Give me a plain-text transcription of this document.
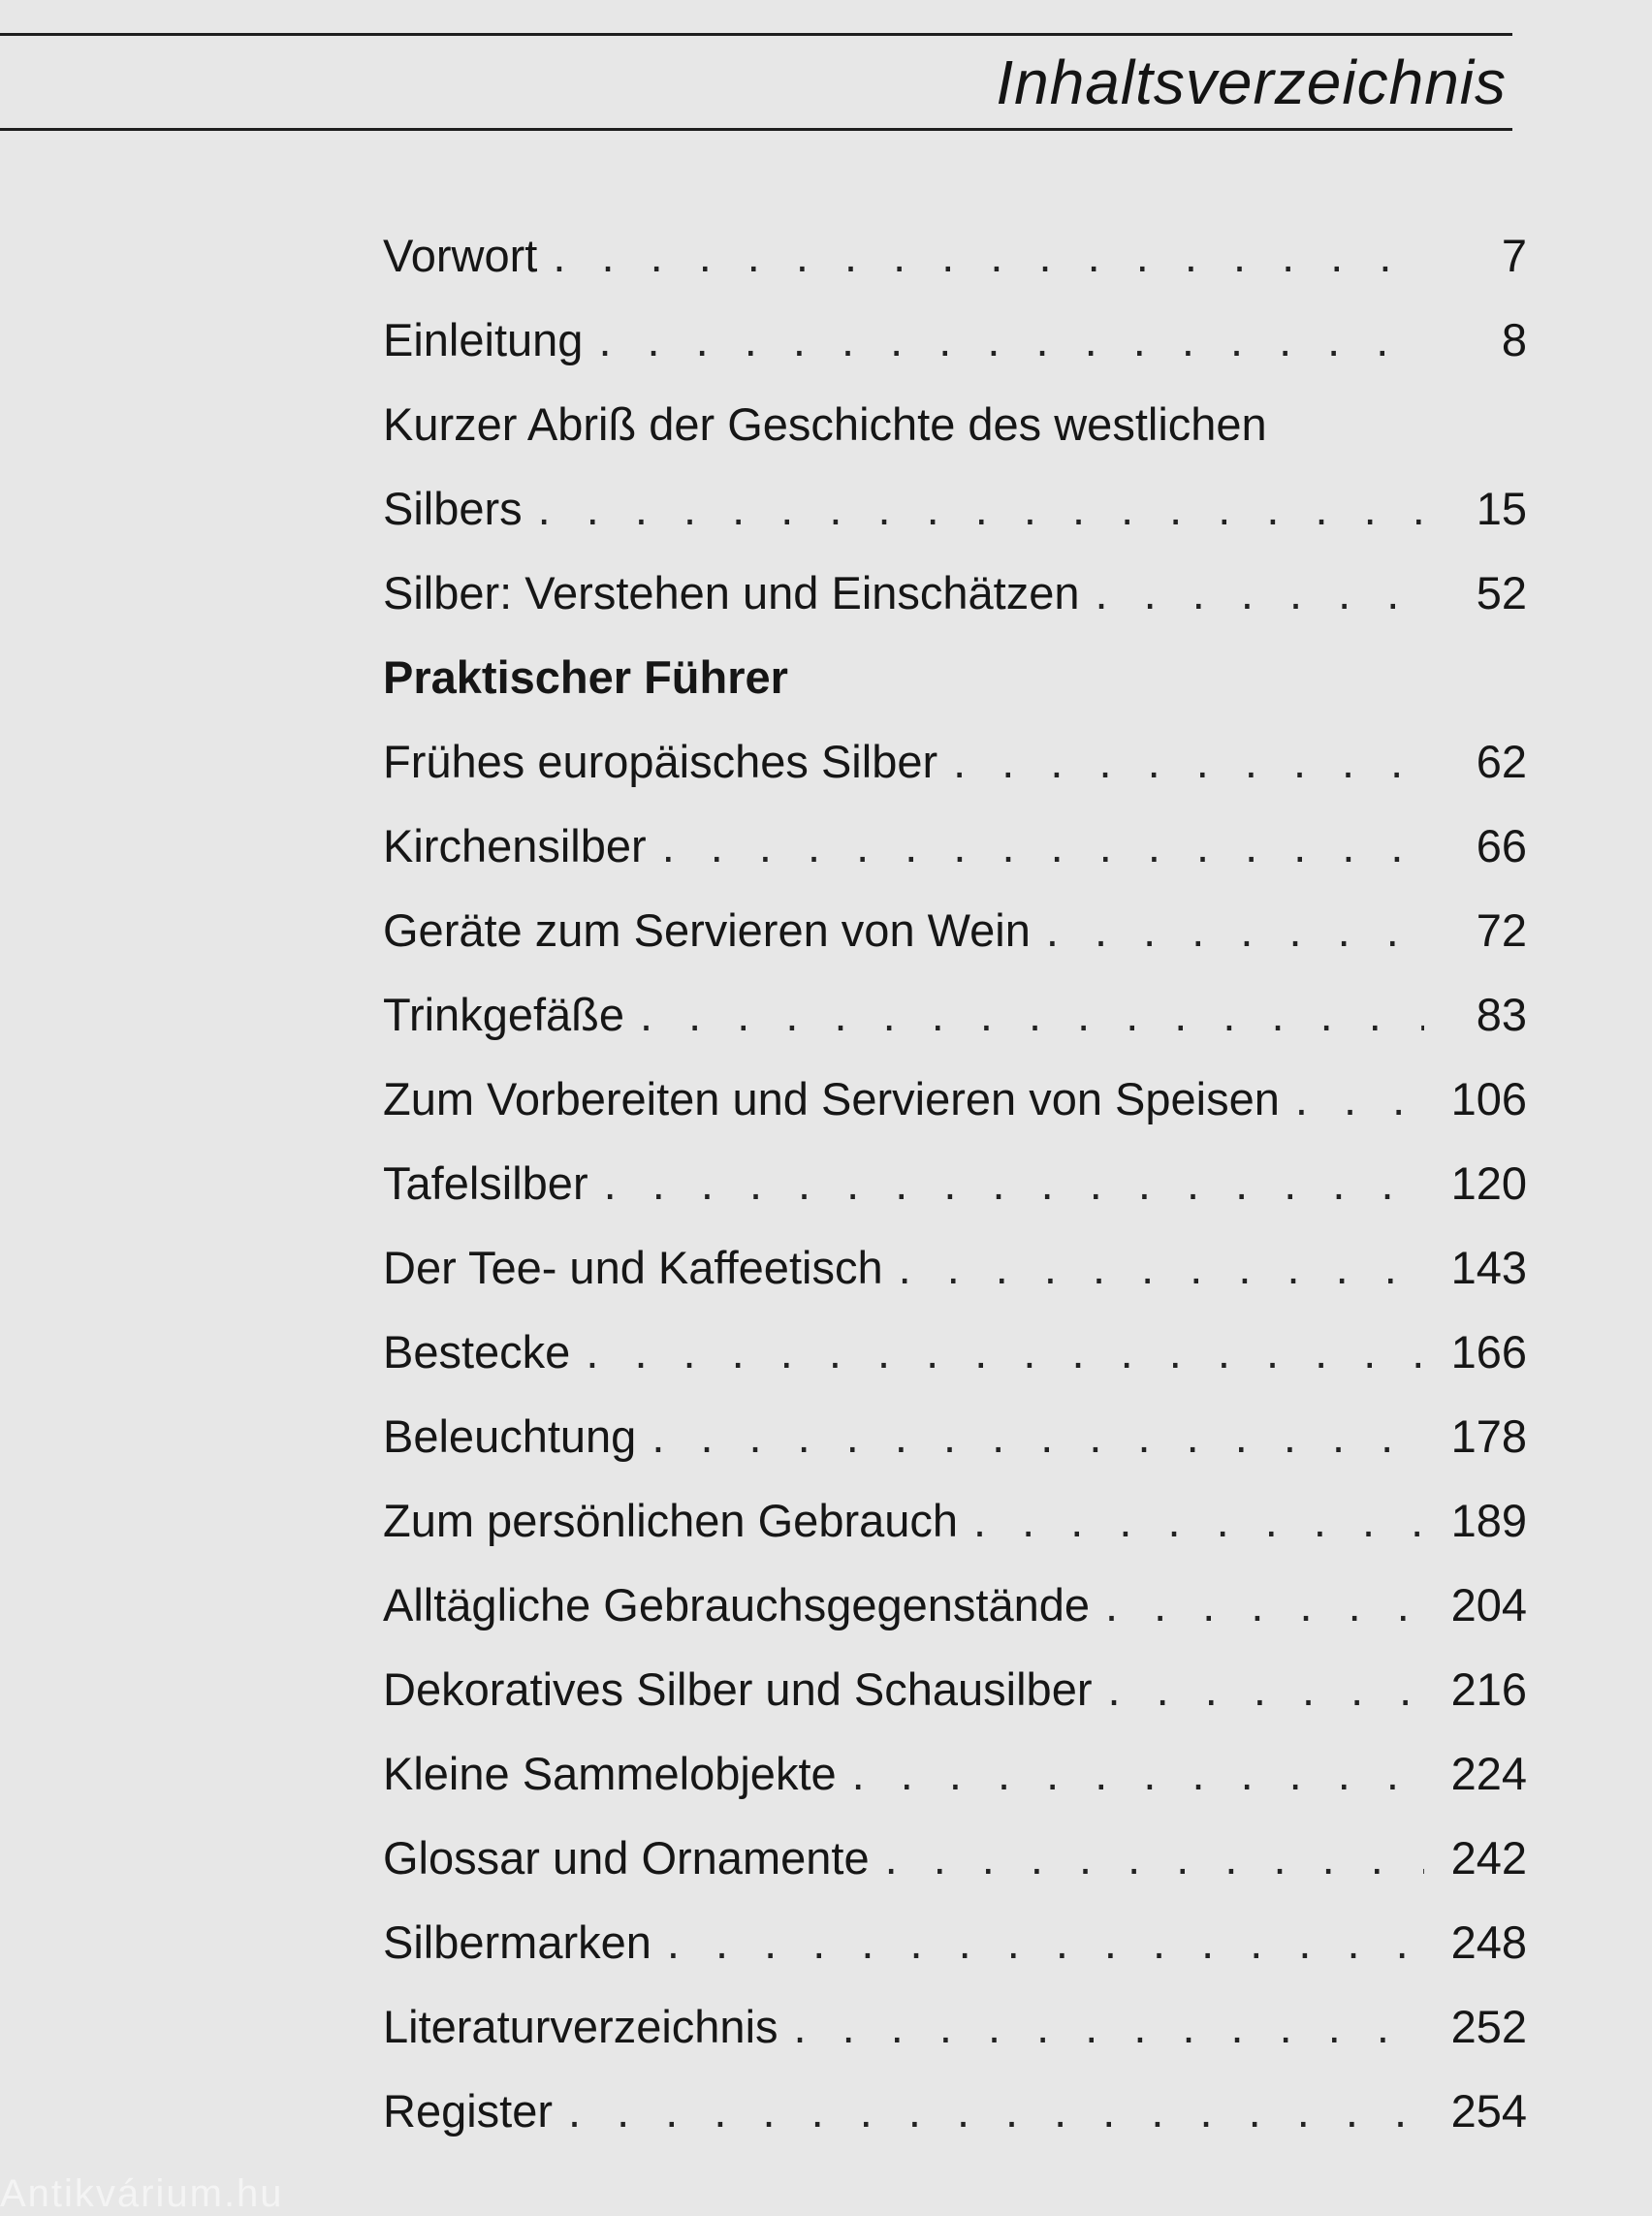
Inhaltsverzeichnis
Vorwort . . .	7
Einleitung . . .	8
Kurzer Abriß der Geschichte des westlichen
Silbers . . .	15
Silber: Verstehen und Einschätzen . . .	52
Praktischer Führer
Frühes europäisches Silber . . .	62
Kirchensilber . . .	66
Geräte zum Servieren von Wein . . .	72
Trinkgefäße . . .	83
Zum Vorbereiten und Servieren von Speisen . . .	106
Tafelsilber . . .	120
Der Tee- und Kaffeetisch . . .	143
Bestecke . . .	166
Beleuchtung . . .	178
Zum persönlichen Gebrauch . . .	189
Alltägliche Gebrauchsgegenstände . . .	204
Dekoratives Silber und Schausilber . . .	216
Kleine Sammelobjekte . . .	224
Glossar und Ornamente . . .	242
Silbermarken . . .	248
Literaturverzeichnis . . .	252
Register . . .	254
Antikvárium.hu
